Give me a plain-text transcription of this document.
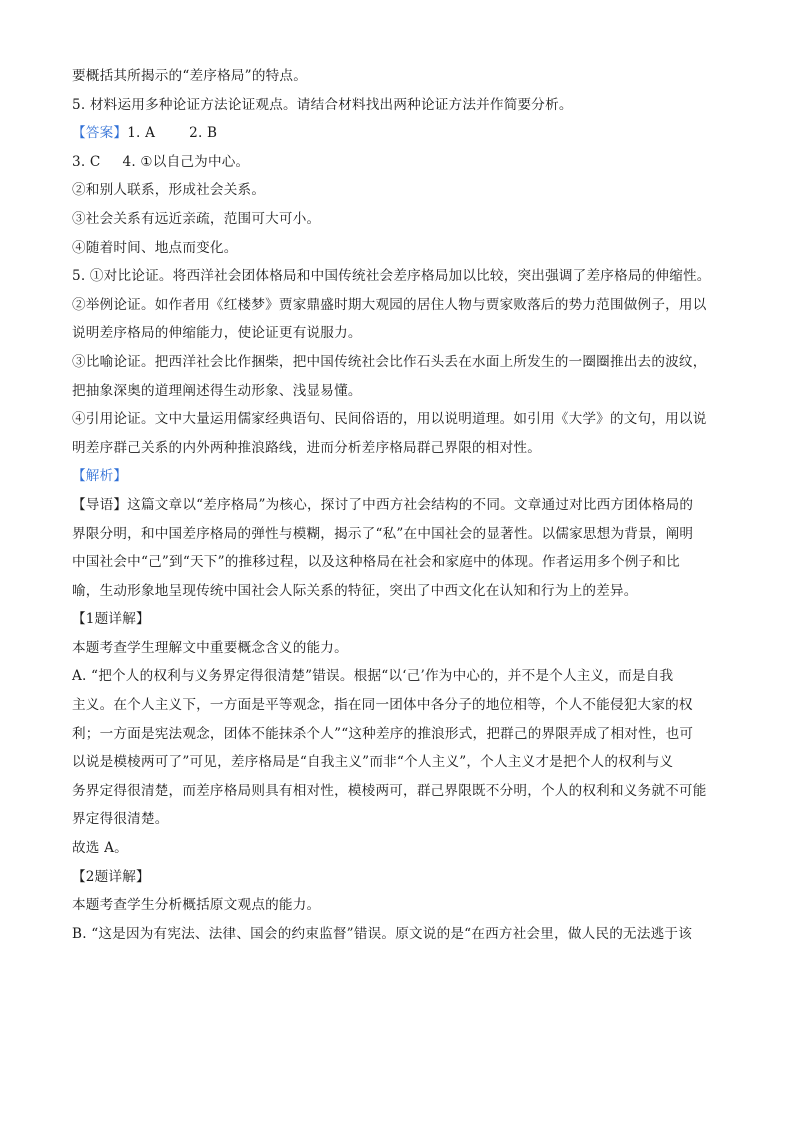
要概括其所揭示的“差序格局”的特点。
5. 材料运用多种论证方法论证观点。请结合材料找出两种论证方法并作简要分析。
【答案】1. A	2. B
3. C 4. ①以自己为中心。
②和别人联系，形成社会关系。
③社会关系有远近亲疏，范围可大可小。
④随着时间、地点而变化。
5. ①对比论证。将西洋社会团体格局和中国传统社会差序格局加以比较，突出强调了差序格局的伸缩性。
②举例论证。如作者用《红楼梦》贾家鼎盛时期大观园的居住人物与贾家败落后的势力范围做例子，用以
说明差序格局的伸缩能力，使论证更有说服力。
③比喻论证。把西洋社会比作捆柴，把中国传统社会比作石头丢在水面上所发生的一圈圈推出去的波纹，
把抽象深奥的道理阐述得生动形象、浅显易懂。
④引用论证。文中大量运用儒家经典语句、民间俗语的，用以说明道理。如引用《大学》的文句，用以说
明差序群己关系的内外两种推浪路线，进而分析差序格局群己界限的相对性。
【解析】
【导语】这篇文章以“差序格局”为核心，探讨了中西方社会结构的不同。文章通过对比西方团体格局的
界限分明，和中国差序格局的弹性与模糊，揭示了“私”在中国社会的显著性。以儒家思想为背景，阐明
中国社会中“己”到“天下”的推移过程，以及这种格局在社会和家庭中的体现。作者运用多个例子和比
喻，生动形象地呈现传统中国社会人际关系的特征，突出了中西文化在认知和行为上的差异。
【1题详解】
本题考查学生理解文中重要概念含义的能力。
A. “把个人的权利与义务界定得很清楚”错误。根据“以‘己’作为中心的，并不是个人主义，而是自我
主义。在个人主义下，一方面是平等观念，指在同一团体中各分子的地位相等，个人不能侵犯大家的权
利；一方面是宪法观念，团体不能抹杀个人”“这种差序的推浪形式，把群己的界限弄成了相对性，也可
以说是模棱两可了”可见，差序格局是“自我主义”而非“个人主义”，个人主义才是把个人的权利与义
务界定得很清楚，而差序格局则具有相对性，模棱两可，群己界限既不分明，个人的权利和义务就不可能
界定得很清楚。
故选 A。
【2题详解】
本题考查学生分析概括原文观点的能力。
B. “这是因为有宪法、法律、国会的约束监督”错误。原文说的是“在西方社会里，做人民的无法逃于该
